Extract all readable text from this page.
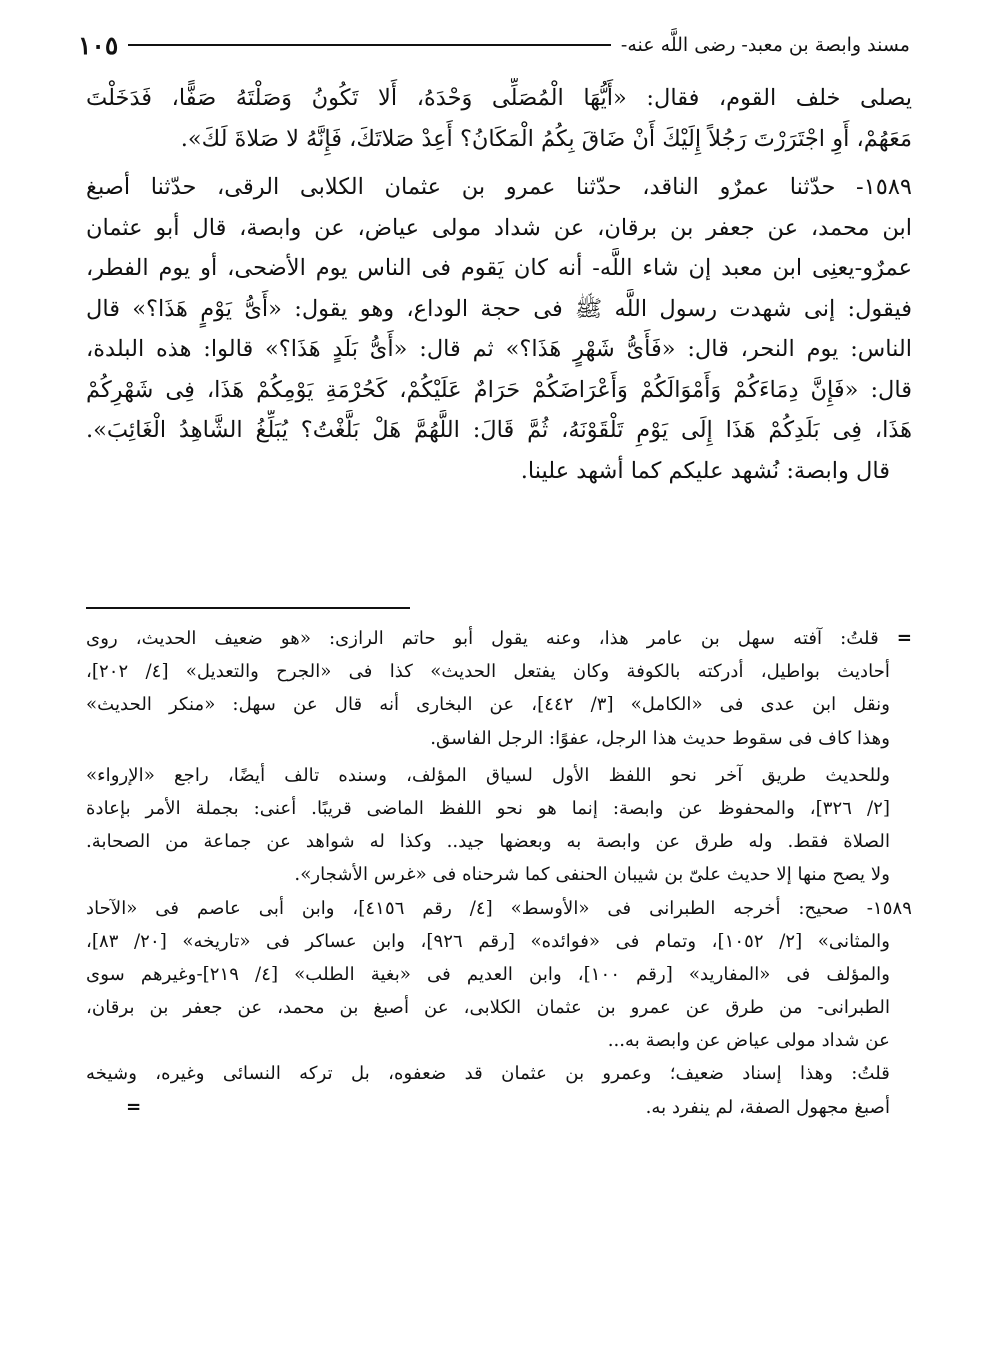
مسند وابصة بن معبد- رضى اللَّه عنه-
١٠٥
يصلى خلف القوم، فقال: «أَيُّهَا الْمُصَلِّى وَحْدَهُ، أَلا تَكُونُ وَصَلْتَهُ صَفًّا، فَدَخَلْتَ
مَعَهُمْ، أَوِ اجْتَرَرْتَ رَجُلاً إِلَيْكَ أَنْ ضَاقَ بِكُمُ الْمَكَانُ؟ أَعِدْ صَلاتَكَ، فَإِنَّهُ لا صَلاةَ لَكَ».
١٥٨٩- حدّثنا عمرٌو الناقد، حدّثنا عمرو بن عثمان الكلابى الرقى، حدّثنا أصبغ
ابن محمد، عن جعفر بن برقان، عن شداد مولى عياض، عن وابصة، قال أبو عثمان
عمرٌو-يعنِى ابن معبد إن شاء اللَّه- أنه كان يَقوم فى الناس يوم الأضحى، أو يوم الفطر،
فيقول: إنى شهدت رسول اللَّه ﷺ فى حجة الوداع، وهو يقول: «أَىُّ يَوْمٍ هَذَا؟» قال
الناس: يوم النحر، قال: «فَأَىُّ شَهْرٍ هَذَا؟» ثم قال: «أَىُّ بَلَدٍ هَذَا؟» قالوا: هذه البلدة،
قال: «فَإِنَّ دِمَاءَكُمْ وَأَمْوَالَكُمْ وَأَعْرَاضَكُمْ حَرَامٌ عَلَيْكُمْ، كَحُرْمَةِ يَوْمِكُمْ هَذَا، فِى شَهْرِكُمْ
هَذَا، فِى بَلَدِكُمْ هَذَا إِلَى يَوْمِ تَلْقَوْنَهُ، ثُمَّ قَالَ: اللَّهُمَّ هَلْ بَلَّغْتُ؟ يُبَلِّغُ الشَّاهِدُ الْغَائِبَ».
قال وابصة: نُشهد عليكم كما أشهد علينا.
= قلتُ: آفته سهل بن عامر هذا، وعنه يقول أبو حاتم الرازى: «هو ضعيف الحديث، روى
أحاديث بواطيل، أدركته بالكوفة وكان يفتعل الحديث» كذا فى «الجرح والتعديل» [٤/ ٢٠٢]،
ونقل ابن عدى فى «الكامل» [٣/ ٤٤٢]، عن البخارى أنه قال عن سهل: «منكر الحديث»
وهذا كاف فى سقوط حديث هذا الرجل، عفوًا: الرجل الفاسق.
وللحديث طريق آخر نحو اللفظ الأول لسياق المؤلف، وسنده تالف أيضًا، راجع «الإرواء»
[٢/ ٣٢٦]، والمحفوظ عن وابصة: إنما هو نحو اللفظ الماضى قريبًا. أعنى: بجملة الأمر بإعادة
الصلاة فقط. وله طرق عن وابصة به وبعضها جيد.. وكذا له شواهد عن جماعة من الصحابة.
ولا يصح منها إلا حديث علىّ بن شيبان الحنفى كما شرحناه فى «غرس الأشجار».
١٥٨٩- صحيح: أخرجه الطبرانى فى «الأوسط» [٤/ رقم ٤١٥٦]، وابن أبى عاصم فى «الآحاد
والمثانى» [٢/ ١٠٥٢]، وتمام فى «فوائده» [رقم ٩٢٦]، وابن عساكر فى «تاريخه» [٢٠/ ٨٣]،
والمؤلف فى «المفاريد» [رقم ١٠٠]، وابن العديم فى «بغية الطلب» [٤/ ٢١٩]-وغيرهم سوى
الطبرانى- من طرق عن عمرو بن عثمان الكلابى، عن أصبغ بن محمد، عن جعفر بن برقان،
عن شداد مولى عياض عن وابصة به...
قلتُ: وهذا إسناد ضعيف؛ وعمرو بن عثمان قد ضعفوه، بل تركه النسائى وغيره، وشيخه
أصبغ مجهول الصفة، لم ينفرد به.
=
